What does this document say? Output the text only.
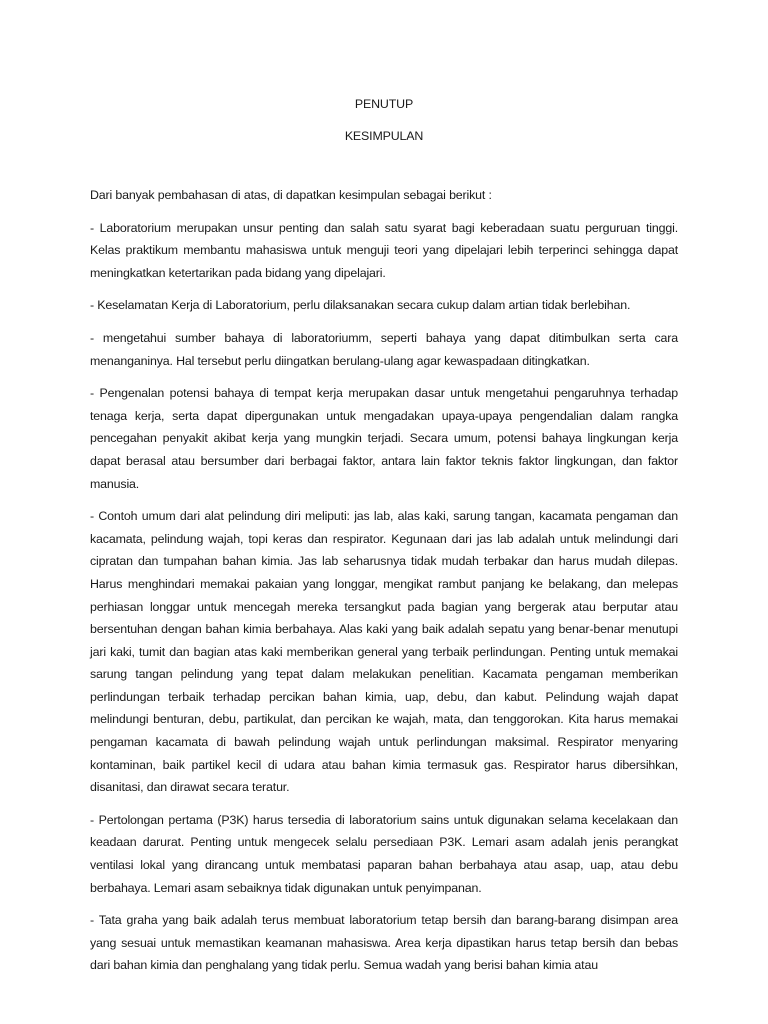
PENUTUP
KESIMPULAN

Dari banyak pembahasan di atas, di dapatkan kesimpulan sebagai berikut :

- Laboratorium merupakan unsur penting dan salah satu syarat bagi keberadaan suatu perguruan tinggi. Kelas praktikum membantu mahasiswa untuk menguji teori yang dipelajari lebih terperinci sehingga dapat meningkatkan ketertarikan pada bidang yang dipelajari.

- Keselamatan Kerja di Laboratorium, perlu dilaksanakan secara cukup dalam artian tidak berlebihan.

- mengetahui sumber bahaya di laboratoriumm, seperti bahaya yang dapat ditimbulkan serta cara menanganinya. Hal tersebut perlu diingatkan berulang-ulang agar kewaspadaan ditingkatkan.

- Pengenalan potensi bahaya di tempat kerja merupakan dasar untuk mengetahui pengaruhnya terhadap tenaga kerja, serta dapat dipergunakan untuk mengadakan upaya-upaya pengendalian dalam rangka pencegahan penyakit akibat kerja yang mungkin terjadi. Secara umum, potensi bahaya lingkungan kerja dapat berasal atau bersumber dari berbagai faktor, antara lain faktor teknis faktor lingkungan, dan faktor manusia.

- Contoh umum dari alat pelindung diri meliputi: jas lab, alas kaki, sarung tangan, kacamata pengaman dan kacamata, pelindung wajah, topi keras dan respirator. Kegunaan dari jas lab adalah untuk melindungi dari cipratan dan tumpahan bahan kimia. Jas lab seharusnya tidak mudah terbakar dan harus mudah dilepas. Harus menghindari memakai pakaian yang longgar, mengikat rambut panjang ke belakang, dan melepas perhiasan longgar untuk mencegah mereka tersangkut pada bagian yang bergerak atau berputar atau bersentuhan dengan bahan kimia berbahaya. Alas kaki yang baik adalah sepatu yang benar-benar menutupi jari kaki, tumit dan bagian atas kaki memberikan general yang terbaik perlindungan. Penting untuk memakai sarung tangan pelindung yang tepat dalam melakukan penelitian. Kacamata pengaman memberikan perlindungan terbaik terhadap percikan bahan kimia, uap, debu, dan kabut. Pelindung wajah dapat melindungi benturan, debu, partikulat, dan percikan ke wajah, mata, dan tenggorokan. Kita harus memakai pengaman kacamata di bawah pelindung wajah untuk perlindungan maksimal. Respirator menyaring kontaminan, baik partikel kecil di udara atau bahan kimia termasuk gas. Respirator harus dibersihkan, disanitasi, dan dirawat secara teratur.

- Pertolongan pertama (P3K) harus tersedia di laboratorium sains untuk digunakan selama kecelakaan dan keadaan darurat. Penting untuk mengecek selalu persediaan P3K. Lemari asam adalah jenis perangkat ventilasi lokal yang dirancang untuk membatasi paparan bahan berbahaya atau asap, uap, atau debu berbahaya. Lemari asam sebaiknya tidak digunakan untuk penyimpanan.

- Tata graha yang baik adalah terus membuat laboratorium tetap bersih dan barang-barang disimpan area yang sesuai untuk memastikan keamanan mahasiswa. Area kerja dipastikan harus tetap bersih dan bebas dari bahan kimia dan penghalang yang tidak perlu. Semua wadah yang berisi bahan kimia atau
